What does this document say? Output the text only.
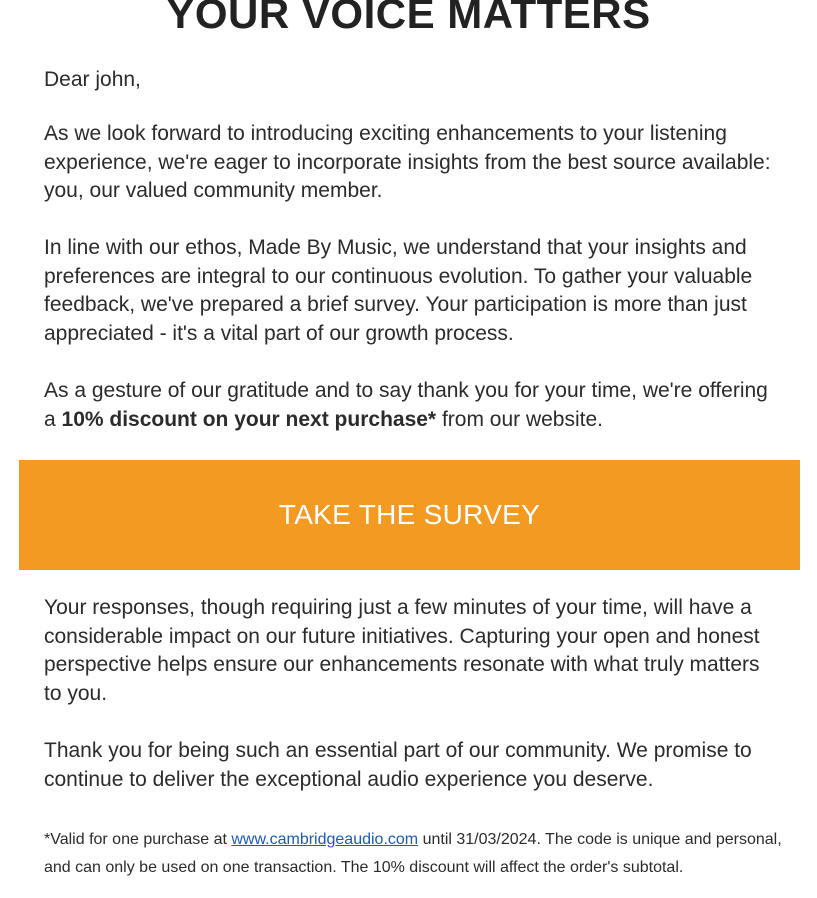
YOUR VOICE MATTERS

Dear john,

As we look forward to introducing exciting enhancements to your listening experience, we're eager to incorporate insights from the best source available: you, our valued community member.

In line with our ethos, Made By Music, we understand that your insights and preferences are integral to our continuous evolution. To gather your valuable feedback, we've prepared a brief survey. Your participation is more than just appreciated - it's a vital part of our growth process.

As a gesture of our gratitude and to say thank you for your time, we're offering a 10% discount on your next purchase* from our website.

TAKE THE SURVEY

Your responses, though requiring just a few minutes of your time, will have a considerable impact on our future initiatives. Capturing your open and honest perspective helps ensure our enhancements resonate with what truly matters to you.

Thank you for being such an essential part of our community. We promise to continue to deliver the exceptional audio experience you deserve.

*Valid for one purchase at www.cambridgeaudio.com until 31/03/2024. The code is unique and personal, and can only be used on one transaction. The 10% discount will affect the order's subtotal.
